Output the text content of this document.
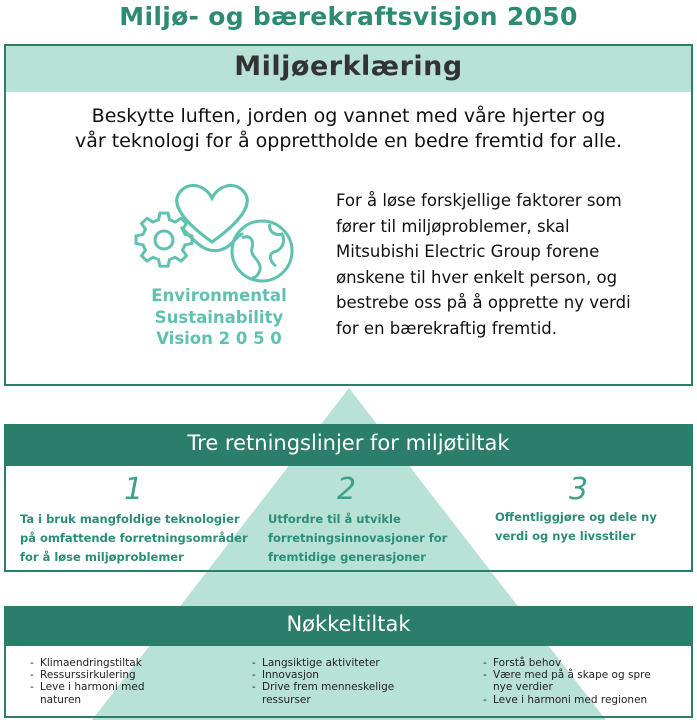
Miljø- og bærekraftsvisjon 2050
Miljøerklæring
Beskytte luften, jorden og vannet med våre hjerter og
vår teknologi for å opprettholde en bedre fremtid for alle.
Environmental
Sustainability
Vision 2 0 5 0
For å løse forskjellige faktorer som
fører til miljøproblemer, skal
Mitsubishi Electric Group forene
ønskene til hver enkelt person, og
bestrebe oss på å opprette ny verdi
for en bærekraftig fremtid.
Tre retningslinjer for miljøtiltak
1
Ta i bruk mangfoldige teknologier
på omfattende forretningsområder
for å løse miljøproblemer
2
Utfordre til å utvikle
forretningsinnovasjoner for
fremtidige generasjoner
3
Offentliggjøre og dele ny
verdi og nye livsstiler
Nøkkeltiltak
- Klimaendringstiltak
- Ressurssirkulering
- Leve i harmoni med
naturen
- Langsiktige aktiviteter
- Innovasjon
- Drive frem menneskelige
ressurser
- Forstå behov
- Være med på å skape og spre
nye verdier
- Leve i harmoni med regionen
